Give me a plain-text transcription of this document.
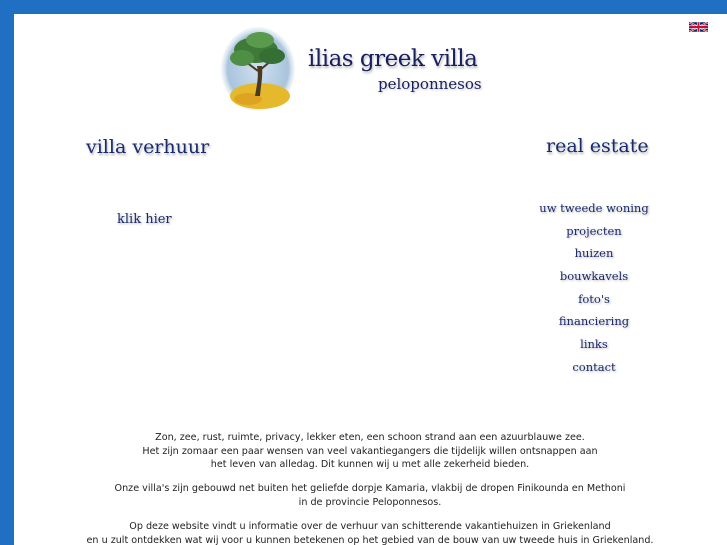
ilias greek villa
peloponnesos
villa verhuur
klik hier
real estate
uw tweede woning
projecten
huizen
bouwkavels
foto's
financiering
links
contact

Zon, zee, rust, ruimte, privacy, lekker eten, een schoon strand aan een azuurblauwe zee.
Het zijn zomaar een paar wensen van veel vakantiegangers die tijdelijk willen ontsnappen aan
het leven van alledag. Dit kunnen wij u met alle zekerheid bieden.

Onze villa's zijn gebouwd net buiten het geliefde dorpje Kamaria, vlakbij de dropen Finikounda en Methoni
in de provincie Peloponnesos.

Op deze website vindt u informatie over de verhuur van schitterende vakantiehuizen in Griekenland
en u zult ontdekken wat wij voor u kunnen betekenen op het gebied van de bouw van uw tweede huis in Griekenland.
